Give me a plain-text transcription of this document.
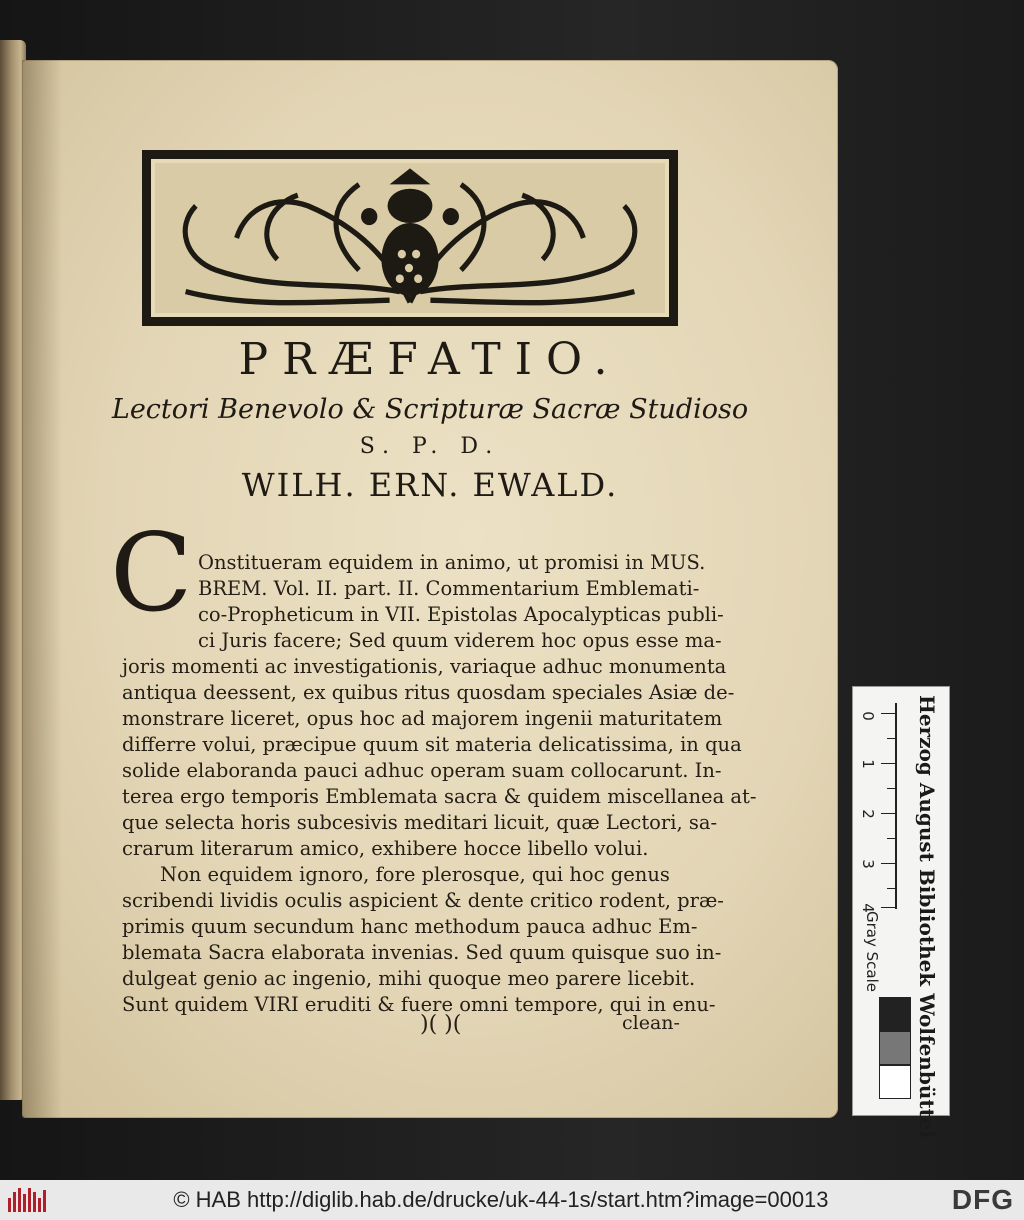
PRÆFATIO.
Lectori Benevolo & Scripturæ Sacræ Studioso
S. P. D.
WILH. ERN. EWALD.
C Onstitueram equidem in animo, ut promisi in MUS.
BREM. Vol. II. part. II. Commentarium Emblemati-
co-Propheticum in VII. Epistolas Apocalypticas publi-
ci Juris facere; Sed quum viderem hoc opus esse ma-
joris momenti ac investigationis, variaque adhuc monumenta
antiqua deessent, ex quibus ritus quosdam speciales Asiæ de-
monstrare liceret, opus hoc ad majorem ingenii maturitatem
differre volui, præcipue quum sit materia delicatissima, in qua
solide elaboranda pauci adhuc operam suam collocarunt. In-
terea ergo temporis Emblemata sacra & quidem miscellanea at-
que selecta horis subcesivis meditari licuit, quæ Lectori, sa-
crarum literarum amico, exhibere hocce libello volui.
Non equidem ignoro, fore plerosque, qui hoc genus
scribendi lividis oculis aspicient & dente critico rodent, præ-
primis quum secundum hanc methodum pauca adhuc Em-
blemata Sacra elaborata invenias. Sed quum quisque suo in-
dulgeat genio ac ingenio, mihi quoque meo parere licebit.
Sunt quidem VIRI eruditi & fuere omni tempore, qui in enu-
)( )(	clean-
0
1
2
3
4 Herzog August Bibliothek Wolfenbüttel
Gray Scale
© HAB http://diglib.hab.de/drucke/uk-44-1s/start.htm?image=00013	DFG
